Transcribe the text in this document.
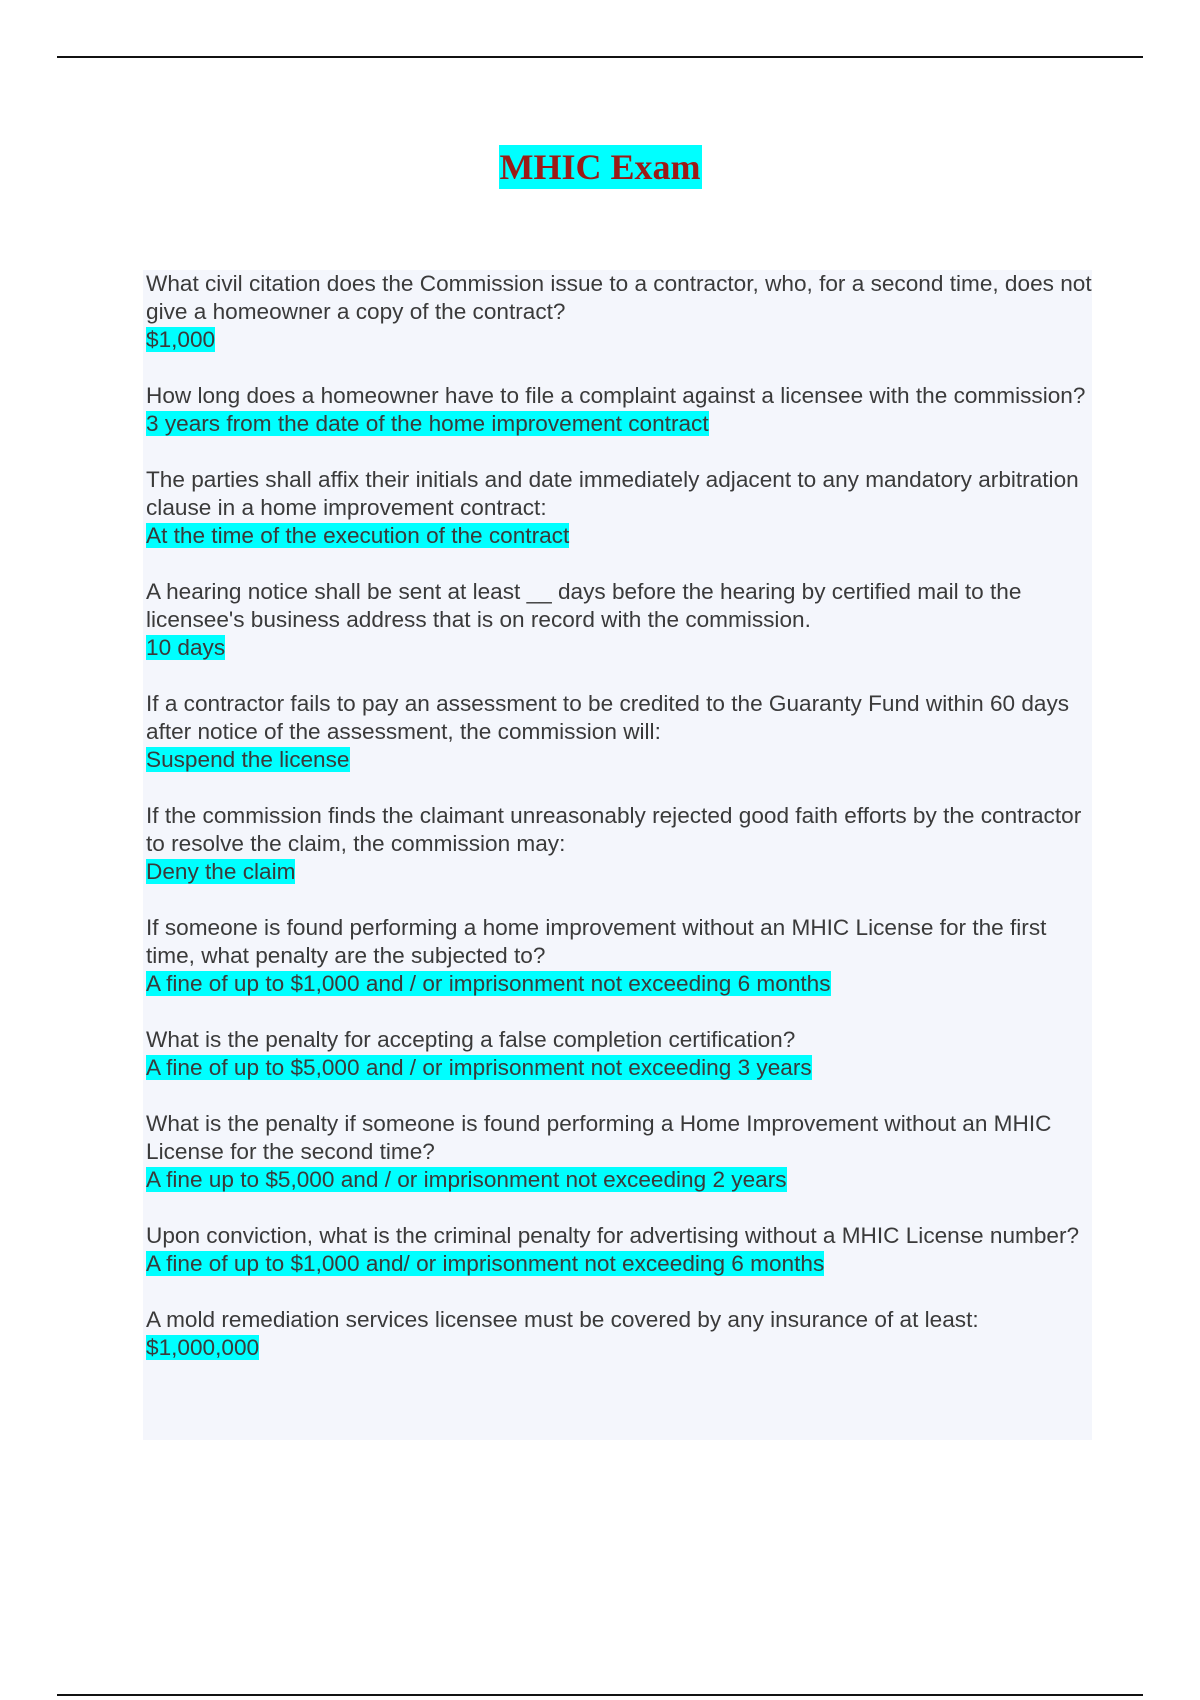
MHIC Exam
What civil citation does the Commission issue to a contractor, who, for a second time, does not give a homeowner a copy of the contract?
$1,000
How long does a homeowner have to file a complaint against a licensee with the commission?
3 years from the date of the home improvement contract
The parties shall affix their initials and date immediately adjacent to any mandatory arbitration clause in a home improvement contract:
At the time of the execution of the contract
A hearing notice shall be sent at least __ days before the hearing by certified mail to the licensee's business address that is on record with the commission.
10 days
If a contractor fails to pay an assessment to be credited to the Guaranty Fund within 60 days after notice of the assessment, the commission will:
Suspend the license
If the commission finds the claimant unreasonably rejected good faith efforts by the contractor to resolve the claim, the commission may:
Deny the claim
If someone is found performing a home improvement without an MHIC License for the first time, what penalty are the subjected to?
A fine of up to $1,000 and / or imprisonment not exceeding 6 months
What is the penalty for accepting a false completion certification?
A fine of up to $5,000 and / or imprisonment not exceeding 3 years
What is the penalty if someone is found performing a Home Improvement without an MHIC License for the second time?
A fine up to $5,000 and / or imprisonment not exceeding 2 years
Upon conviction, what is the criminal penalty for advertising without a MHIC License number?
A fine of up to $1,000 and/ or imprisonment not exceeding 6 months
A mold remediation services licensee must be covered by any insurance of at least:
$1,000,000
